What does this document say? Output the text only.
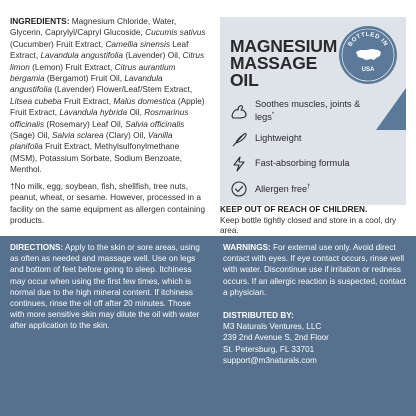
INGREDIENTS: Magnesium Chloride, Water, Glycerin, Caprylyl/Capryl Glucoside, Cucumis sativus (Cucumber) Fruit Extract, Camellia sinensis Leaf Extract, Lavandula angustifolia (Lavender) Oil, Citrus limon (Lemon) Fruit Extract, Citrus aurantium bergamia (Bergamot) Fruit Oil, Lavandula angustifolia (Lavender) Flower/Leaf/Stem Extract, Litsea cubeba Fruit Extract, Malus domestica (Apple) Fruit Extract, Lavandula hybrida Oil, Rosmarinus officinalis (Rosemary) Leaf Oil, Salvia officinalis (Sage) Oil, Salvia sclarea (Clary) Oil, Vanilla planifolia Fruit Extract, Methylsulfonylmethane (MSM), Potassium Sorbate, Sodium Benzoate, Menthol.

†No milk, egg, soybean, fish, shellfish, tree nuts, peanut, wheat, or sesame. However, processed in a facility on the same equipment as allergen containing products.

MAGNESIUM
MASSAGE
OIL
BOTTLED IN
USA
Soothes muscles, joints & legs*
Lightweight
Fast-absorbing formula
Allergen free†
KEEP OUT OF REACH OF CHILDREN.
Keep bottle tightly closed and store in a cool, dry area.

DIRECTIONS: Apply to the skin or sore areas, using as often as needed and massage well. Use on legs and bottom of feet before going to sleep. Itchiness may occur when using the first few times, which is normal due to the high mineral content. If itchiness continues, rinse the oil off after 20 minutes. Those with more sensitive skin may dilute the oil with water after application to the skin.

WARNINGS: For external use only. Avoid direct contact with eyes. If eye contact occurs, rinse well with water. Discontinue use if irritation or redness occurs. If an allergic reaction is suspected, contact a physician.

DISTRIBUTED BY:
M3 Naturals Ventures, LLC
239 2nd Avenue S, 2nd Floor
St. Petersburg, FL 33701
support@m3naturals.com
